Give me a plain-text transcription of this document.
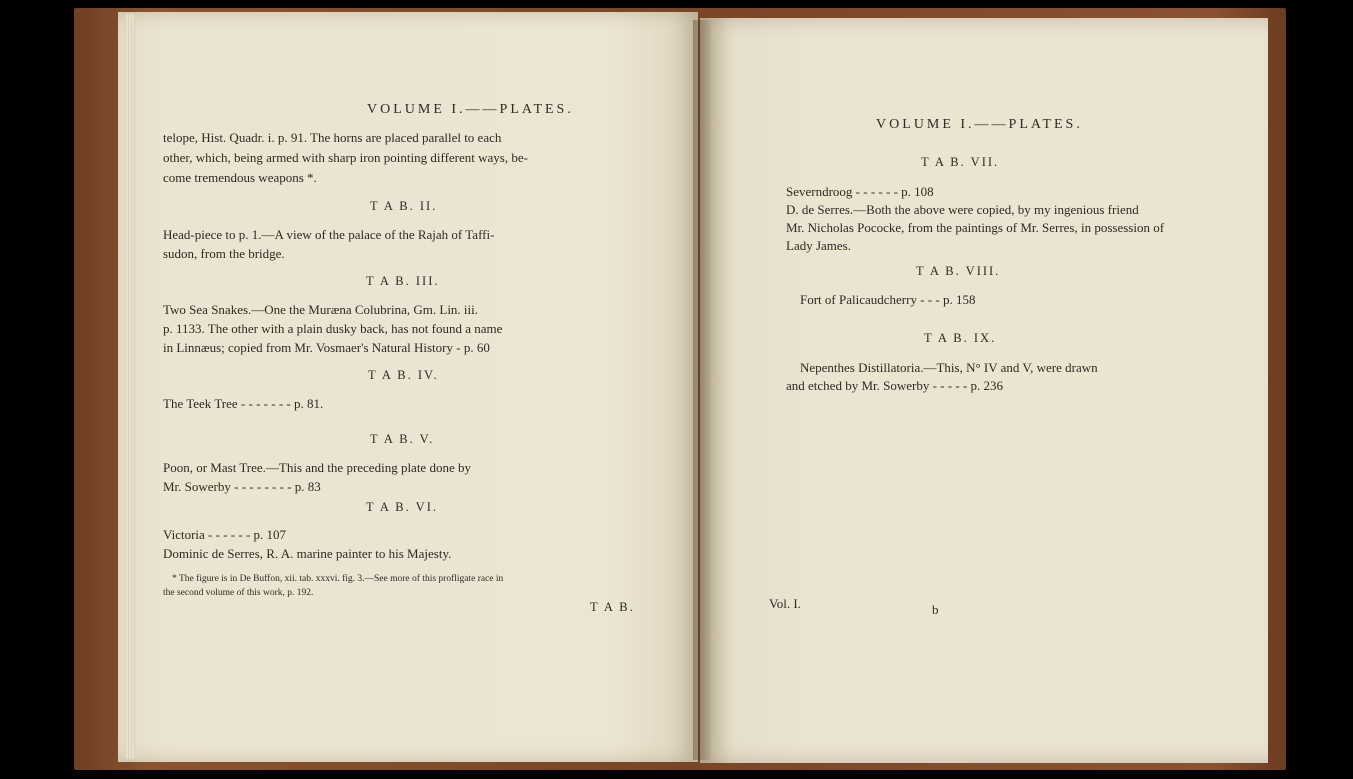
VOLUME I.——PLATES.
telope, Hist. Quadr. i. p. 91. The horns are placed parallel to each
other, which, being armed with sharp iron pointing different ways, be-
come tremendous weapons *.
T A B. II.
Head-piece to p. 1.—A view of the palace of the Rajah of Taffi-
sudon, from the bridge.
T A B. III.
Two Sea Snakes.—One the Muræna Colubrina, Gm. Lin. iii.
p. 1133. The other with a plain dusky back, has not found a name
in Linnæus; copied from Mr. Vosmaer's Natural History - p. 60
T A B. IV.
The Teek Tree - - - - - - - p. 81.
T A B. V.
Poon, or Mast Tree.—This and the preceding plate done by
Mr. Sowerby - - - - - - - - p. 83
T A B. VI.
Victoria - - - - - - p. 107
Dominic de Serres, R. A. marine painter to his Majesty.
* The figure is in De Buffon, xii. tab. xxxvi. fig. 3.—See more of this profligate race in
the second volume of this work, p. 192.
T A B.
VOLUME I.——PLATES.
T A B. VII.
Severndroog - - - - - - p. 108
D. de Serres.—Both the above were copied, by my ingenious friend
Mr. Nicholas Pococke, from the paintings of Mr. Serres, in possession of
Lady James.
T A B. VIII.
Fort of Palicaudcherry - - - p. 158
T A B. IX.
Nepenthes Distillatoria.—This, N° IV and V, were drawn
and etched by Mr. Sowerby - - - - - p. 236
Vol. I.	b
